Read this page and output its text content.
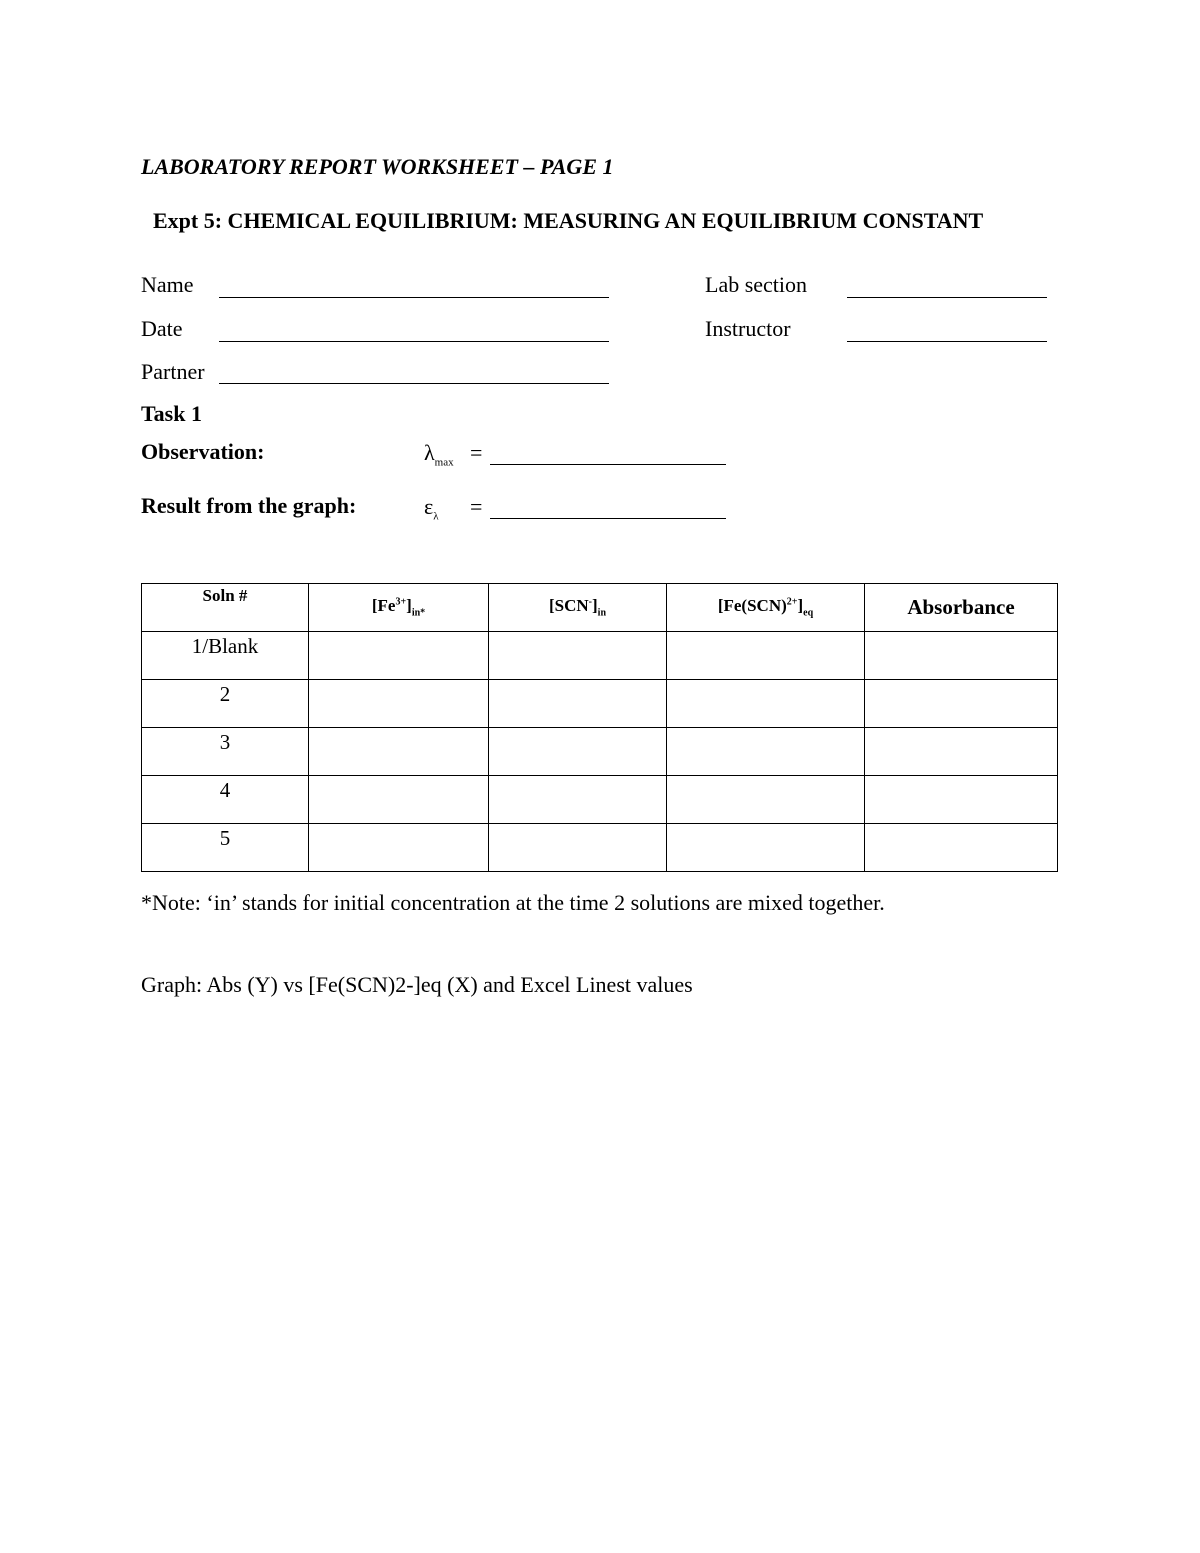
LABORATORY REPORT WORKSHEET – PAGE 1
Expt 5: CHEMICAL EQUILIBRIUM: MEASURING AN EQUILIBRIUM CONSTANT
Name	Lab section
Date	Instructor
Partner
Task 1
Observation:	$\lambda_{max}$ =
Result from the graph:	$\varepsilon_\lambda$ =
Soln #	$[Fe^{3+}]_{in*}$	$[SCN^-]_{in}$	$[Fe(SCN)^{2+}]_{eq}$	Absorbance
1/Blank				
2				
3				
4				
5				
*Note: ‘in’ stands for initial concentration at the time 2 solutions are mixed together.
Graph: Abs (Y) vs [Fe(SCN)2-]eq (X) and Excel Linest values
